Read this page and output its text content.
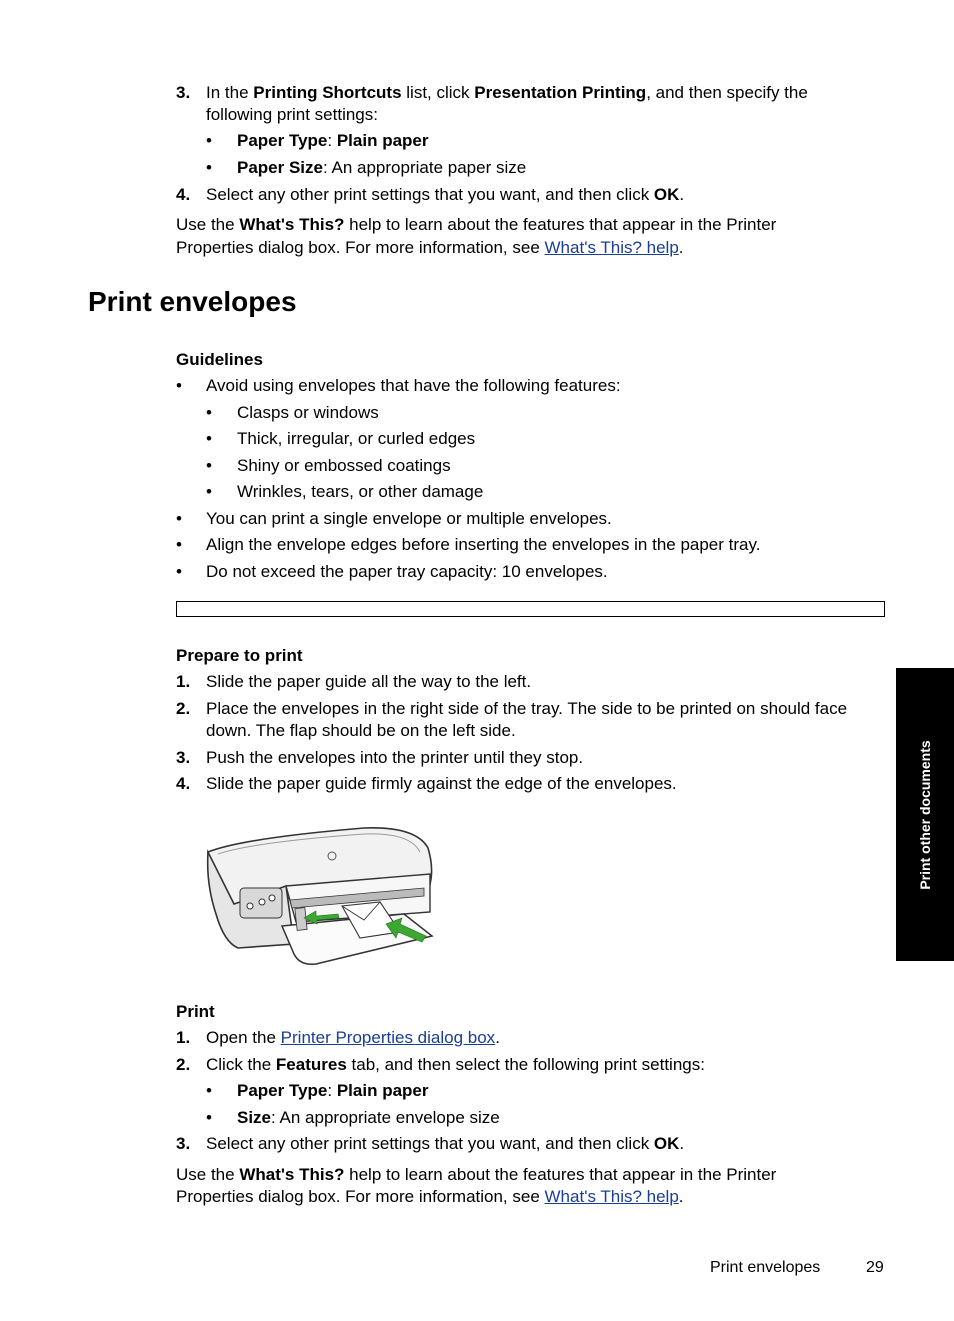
3. In the Printing Shortcuts list, click Presentation Printing, and then specify the
following print settings:
• Paper Type: Plain paper
• Paper Size: An appropriate paper size
4. Select any other print settings that you want, and then click OK.
Use the What's This? help to learn about the features that appear in the Printer
Properties dialog box. For more information, see What's This? help.
Print envelopes
Guidelines
• Avoid using envelopes that have the following features:
• Clasps or windows
• Thick, irregular, or curled edges
• Shiny or embossed coatings
• Wrinkles, tears, or other damage
• You can print a single envelope or multiple envelopes.
• Align the envelope edges before inserting the envelopes in the paper tray.
• Do not exceed the paper tray capacity: 10 envelopes.
Prepare to print
1. Slide the paper guide all the way to the left.
2. Place the envelopes in the right side of the tray. The side to be printed on should face
down. The flap should be on the left side.
3. Push the envelopes into the printer until they stop.
4. Slide the paper guide firmly against the edge of the envelopes.
Print
1. Open the Printer Properties dialog box.
2. Click the Features tab, and then select the following print settings:
• Paper Type: Plain paper
• Size: An appropriate envelope size
3. Select any other print settings that you want, and then click OK.
Use the What's This? help to learn about the features that appear in the Printer
Properties dialog box. For more information, see What's This? help.
Print other documents
Print envelopes	29
